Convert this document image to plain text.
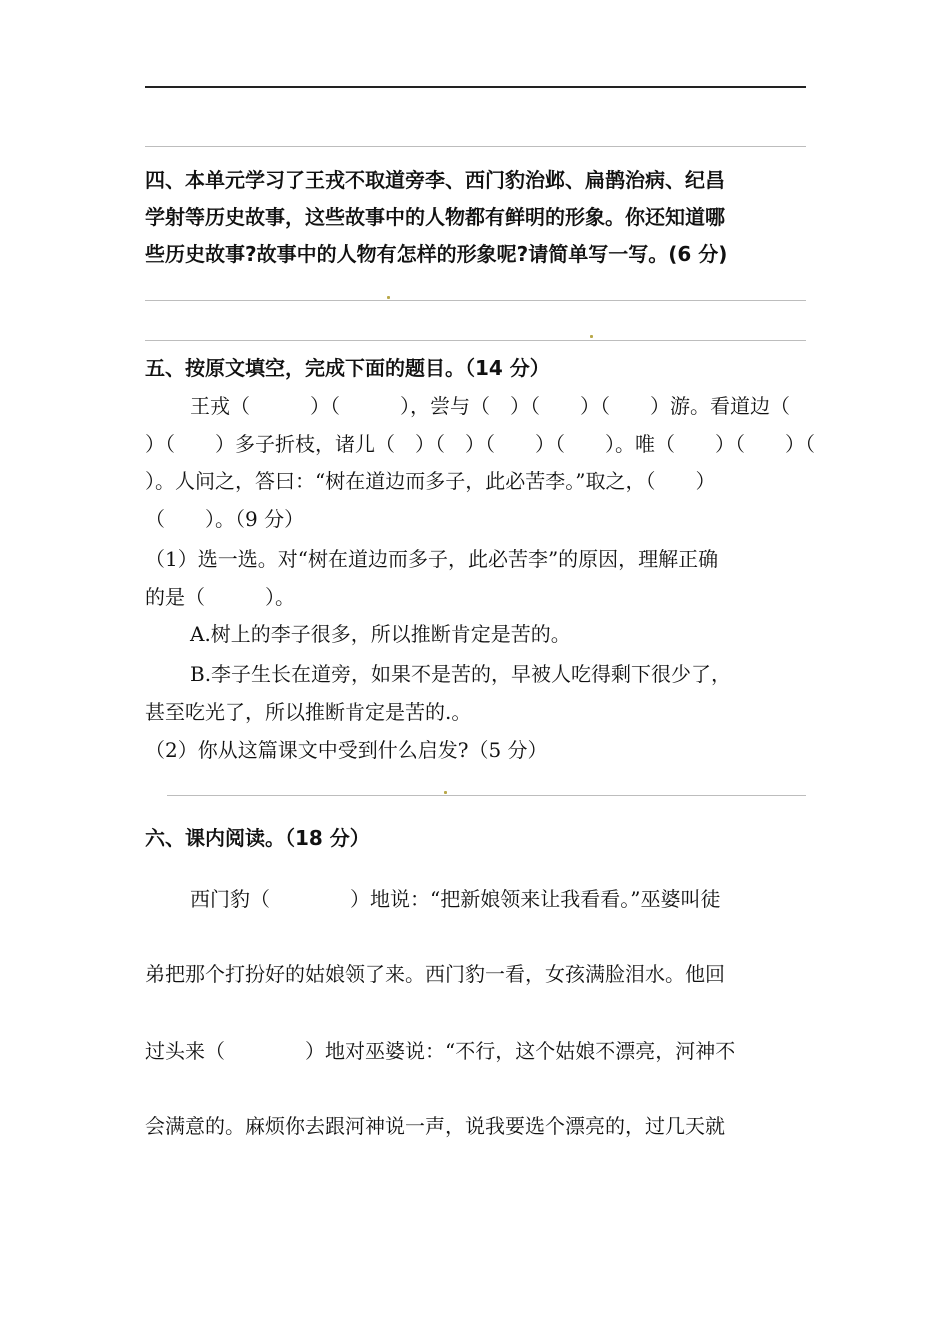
四、本单元学习了王戎不取道旁李、西门豹治邺、扁鹊治病、纪昌
学射等历史故事，这些故事中的人物都有鲜明的形象。你还知道哪
些历史故事?故事中的人物有怎样的形象呢?请简单写一写。(6 分)
五、按原文填空，完成下面的题目。（14 分）
王戎（　　　）（　　　），尝与（　）（　　）（　　）游。看道边（
）（　　）多子折枝，诸儿（　）（　）（　　）（　　）。唯（　　）（　　）（
）。人问之，答曰：“树在道边而多子，此必苦李。”取之，（　　）
（　　）。（9 分）
（1）选一选。对“树在道边而多子，此必苦李”的原因，理解正确
的是（　　　）。
A.树上的李子很多，所以推断肯定是苦的。
B.李子生长在道旁，如果不是苦的，早被人吃得剩下很少了，
甚至吃光了，所以推断肯定是苦的.。
（2）你从这篇课文中受到什么启发?（5 分）
六、课内阅读。（18 分）
西门豹（　　　　）地说：“把新娘领来让我看看。”巫婆叫徒
弟把那个打扮好的姑娘领了来。西门豹一看，女孩满脸泪水。他回
过头来（　　　　）地对巫婆说：“不行，这个姑娘不漂亮，河神不
会满意的。麻烦你去跟河神说一声，说我要选个漂亮的，过几天就
